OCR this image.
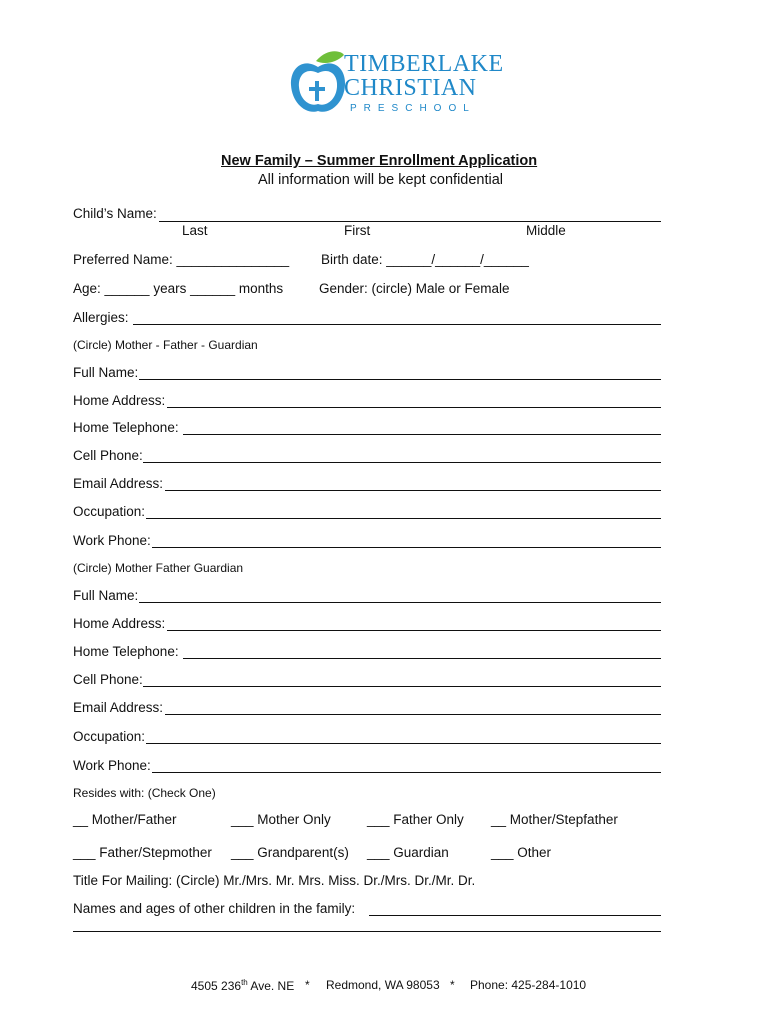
TIMBERLAKE
CHRISTIAN
PRESCHOOL
New Family – Summer Enrollment Application
All information will be kept confidential
Child’s Name:
Last	First	Middle
Preferred Name: _______________ Birth date: ______/______/______
Age: ______ years ______ months	Gender: (circle) Male or Female
Allergies:
(Circle) Mother - Father - Guardian
Full Name:
Home Address:
Home Telephone:
Cell Phone:
Email Address:
Occupation:
Work Phone:
(Circle) Mother Father Guardian
Full Name:
Home Address:
Home Telephone:
Cell Phone:
Email Address:
Occupation:
Work Phone:
Resides with: (Check One)
__ Mother/Father	___ Mother Only	___ Father Only __ Mother/Stepfather
___ Father/Stepmother ___ Grandparent(s) ___ Guardian	___ Other
Title For Mailing: (Circle) Mr./Mrs. Mr. Mrs. Miss. Dr./Mrs. Dr./Mr. Dr.
Names and ages of other children in the family:
4505 236th Ave. NE * Redmond, WA 98053 * Phone: 425-284-1010
